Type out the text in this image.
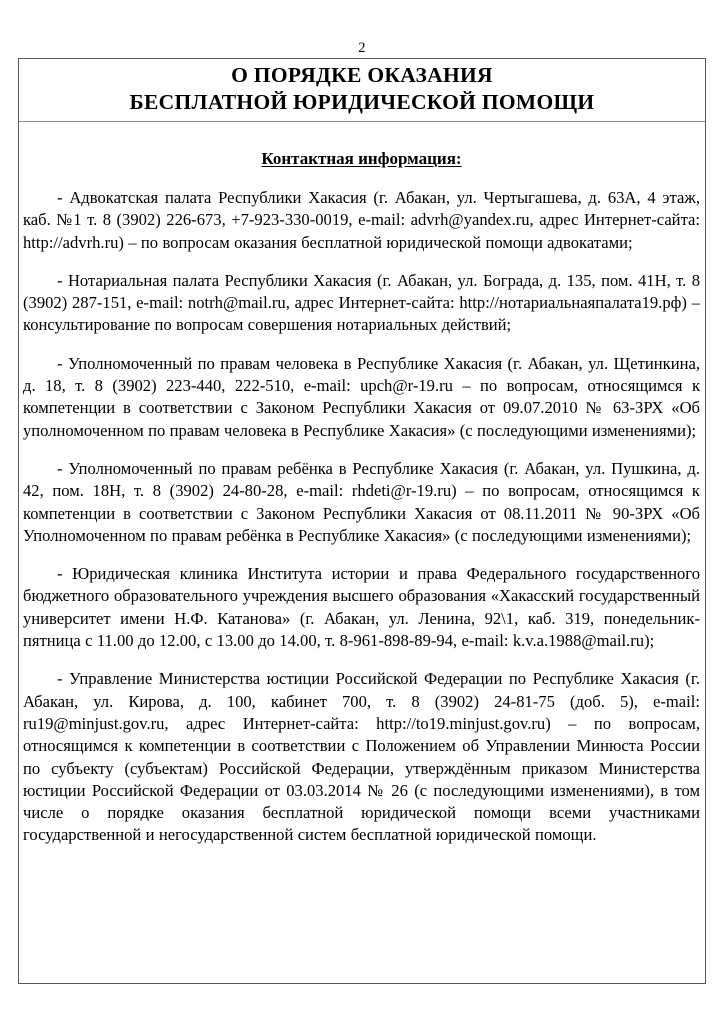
2
О ПОРЯДКЕ ОКАЗАНИЯ
БЕСПЛАТНОЙ ЮРИДИЧЕСКОЙ ПОМОЩИ
Контактная информация:

- Адвокатская палата Республики Хакасия (г. Абакан, ул. Чертыгашева, д. 63А, 4 этаж, каб. №1 т. 8 (3902) 226-673, +7-923-330-0019, e-mail: advrh@yandex.ru, адрес Интернет-сайта: http://advrh.ru) – по вопросам оказания бесплатной юридической помощи адвокатами;

- Нотариальная палата Республики Хакасия (г. Абакан, ул. Бограда, д. 135, пом. 41Н, т. 8 (3902) 287-151, e-mail: notrh@mail.ru, адрес Интернет-сайта: http://нотариальнаяпалата19.рф) – консультирование по вопросам совершения нотариальных действий;

- Уполномоченный по правам человека в Республике Хакасия (г. Абакан, ул. Щетинкина, д. 18, т. 8 (3902) 223-440, 222-510, e-mail: upch@r-19.ru – по вопросам, относящимся к компетенции в соответствии с Законом Республики Хакасия от 09.07.2010 № 63-ЗРХ «Об уполномоченном по правам человека в Республике Хакасия» (с последующими изменениями);

- Уполномоченный по правам ребёнка в Республике Хакасия (г. Абакан, ул. Пушкина, д. 42, пом. 18Н, т. 8 (3902) 24-80-28, e-mail: rhdeti@r-19.ru) – по вопросам, относящимся к компетенции в соответствии с Законом Республики Хакасия от 08.11.2011 № 90-ЗРХ «Об Уполномоченном по правам ребёнка в Республике Хакасия» (с последующими изменениями);

- Юридическая клиника Института истории и права Федерального государственного бюджетного образовательного учреждения высшего образования «Хакасский государственный университет имени Н.Ф. Катанова» (г. Абакан, ул. Ленина, 92\1, каб. 319, понедельник-пятница с 11.00 до 12.00, с 13.00 до 14.00, т. 8-961-898-89-94, e-mail: k.v.a.1988@mail.ru);

- Управление Министерства юстиции Российской Федерации по Республике Хакасия (г. Абакан, ул. Кирова, д. 100, кабинет 700, т. 8 (3902) 24-81-75 (доб. 5), e-mail: ru19@minjust.gov.ru, адрес Интернет-сайта: http://to19.minjust.gov.ru) – по вопросам, относящимся к компетенции в соответствии с Положением об Управлении Минюста России по субъекту (субъектам) Российской Федерации, утверждённым приказом Министерства юстиции Российской Федерации от 03.03.2014 № 26 (с последующими изменениями), в том числе о порядке оказания бесплатной юридической помощи всеми участниками государственной и негосударственной систем бесплатной юридической помощи.
